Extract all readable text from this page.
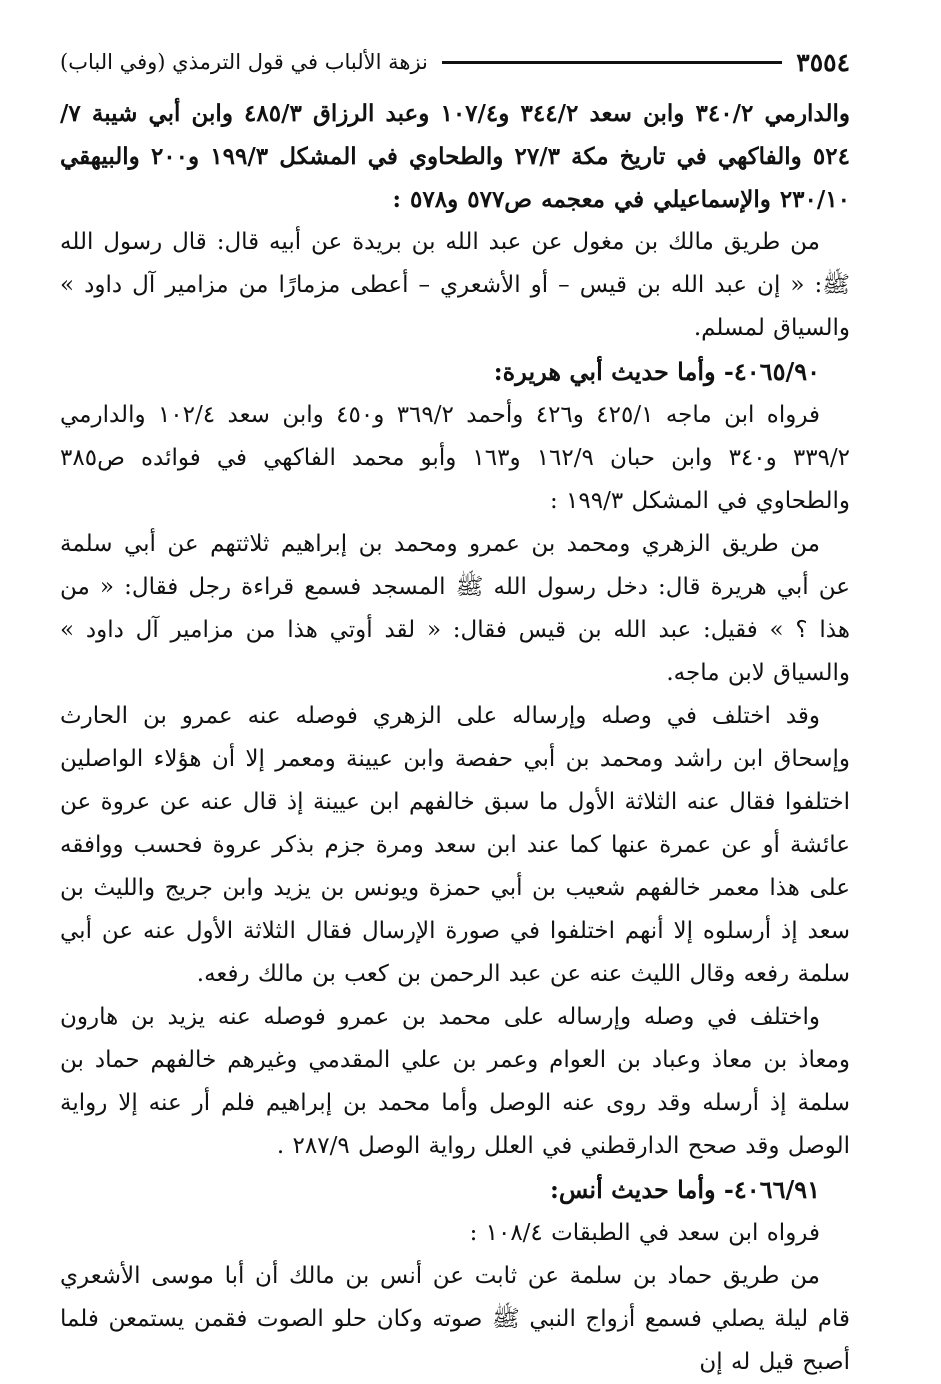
٣٥٥٤
نزهة الألباب في قول الترمذي (وفي الباب)

والدارمي ٣٤٠/٢ وابن سعد ٣٤٤/٢ و١٠٧/٤ وعبد الرزاق ٤٨٥/٣ وابن أبي شيبة ٧/ ٥٢٤ والفاكهي في تاريخ مكة ٢٧/٣ والطحاوي في المشكل ١٩٩/٣ و٢٠٠ والبيهقي ٢٣٠/١٠ والإسماعيلي في معجمه ص٥٧٧ و٥٧٨ :

من طريق مالك بن مغول عن عبد الله بن بريدة عن أبيه قال: قال رسول الله ﷺ: « إن عبد الله بن قيس – أو الأشعري – أعطى مزمارًا من مزامير آل داود » والسياق لمسلم.

٤٠٦٥/٩٠- وأما حديث أبي هريرة:

فرواه ابن ماجه ٤٢٥/١ و٤٢٦ وأحمد ٣٦٩/٢ و٤٥٠ وابن سعد ١٠٢/٤ والدارمي ٣٣٩/٢ و٣٤٠ وابن حبان ١٦٢/٩ و١٦٣ وأبو محمد الفاكهي في فوائده ص٣٨٥ والطحاوي في المشكل ١٩٩/٣ :

من طريق الزهري ومحمد بن عمرو ومحمد بن إبراهيم ثلاثتهم عن أبي سلمة عن أبي هريرة قال: دخل رسول الله ﷺ المسجد فسمع قراءة رجل فقال: « من هذا ؟ » فقيل: عبد الله بن قيس فقال: « لقد أوتي هذا من مزامير آل داود » والسياق لابن ماجه.

وقد اختلف في وصله وإرساله على الزهري فوصله عنه عمرو بن الحارث وإسحاق ابن راشد ومحمد بن أبي حفصة وابن عيينة ومعمر إلا أن هؤلاء الواصلين اختلفوا فقال عنه الثلاثة الأول ما سبق خالفهم ابن عيينة إذ قال عنه عن عروة عن عائشة أو عن عمرة عنها كما عند ابن سعد ومرة جزم بذكر عروة فحسب ووافقه على هذا معمر خالفهم شعيب بن أبي حمزة ويونس بن يزيد وابن جريج والليث بن سعد إذ أرسلوه إلا أنهم اختلفوا في صورة الإرسال فقال الثلاثة الأول عنه عن أبي سلمة رفعه وقال الليث عنه عن عبد الرحمن بن كعب بن مالك رفعه.

واختلف في وصله وإرساله على محمد بن عمرو فوصله عنه يزيد بن هارون ومعاذ بن معاذ وعباد بن العوام وعمر بن علي المقدمي وغيرهم خالفهم حماد بن سلمة إذ أرسله وقد روى عنه الوصل وأما محمد بن إبراهيم فلم أر عنه إلا رواية الوصل وقد صحح الدارقطني في العلل رواية الوصل ٢٨٧/٩ .

٤٠٦٦/٩١- وأما حديث أنس:

فرواه ابن سعد في الطبقات ١٠٨/٤ :

من طريق حماد بن سلمة عن ثابت عن أنس بن مالك أن أبا موسى الأشعري قام ليلة يصلي فسمع أزواج النبي ﷺ صوته وكان حلو الصوت فقمن يستمعن فلما أصبح قيل له إن
